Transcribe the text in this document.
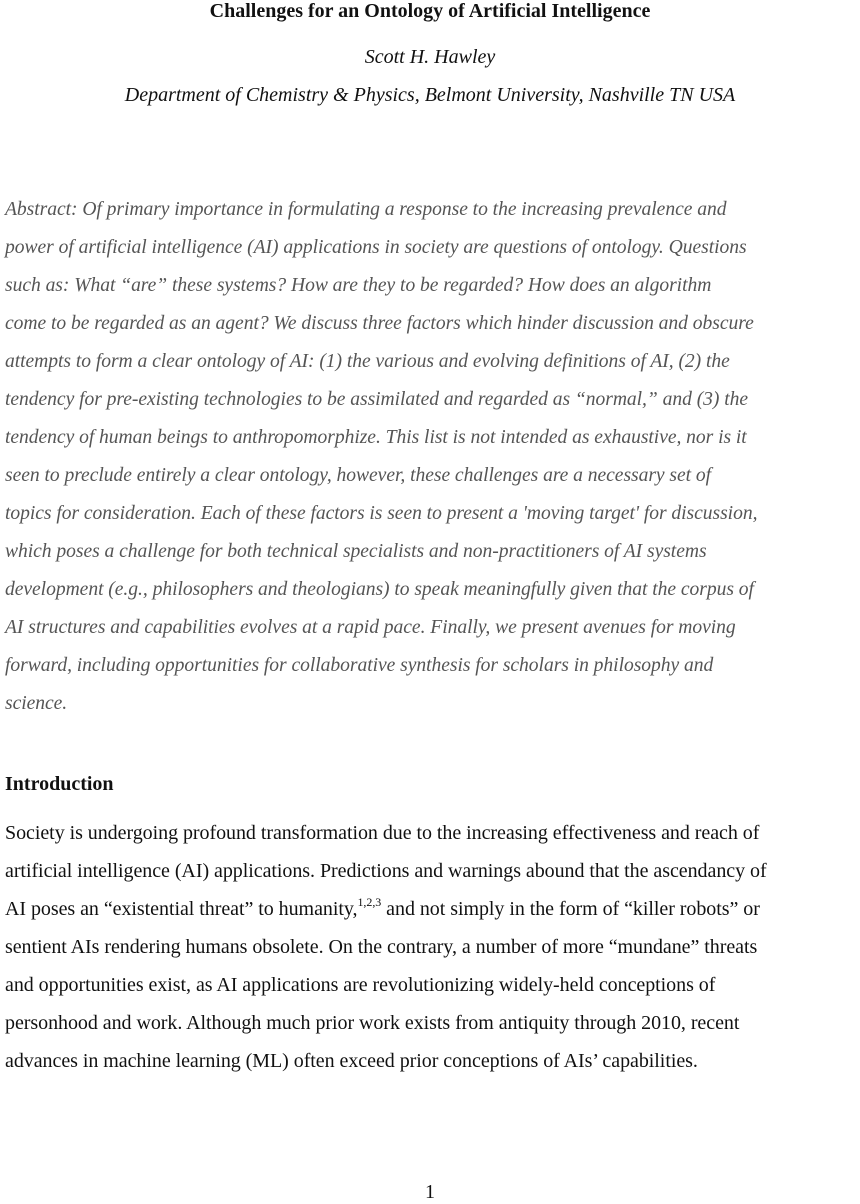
Challenges for an Ontology of Artificial Intelligence
Scott H. Hawley
Department of Chemistry & Physics, Belmont University, Nashville TN USA

Abstract: Of primary importance in formulating a response to the increasing prevalence and
power of artificial intelligence (AI) applications in society are questions of ontology. Questions
such as: What “are” these systems? How are they to be regarded? How does an algorithm
come to be regarded as an agent? We discuss three factors which hinder discussion and obscure
attempts to form a clear ontology of AI: (1) the various and evolving definitions of AI, (2) the
tendency for pre-existing technologies to be assimilated and regarded as “normal,” and (3) the
tendency of human beings to anthropomorphize. This list is not intended as exhaustive, nor is it
seen to preclude entirely a clear ontology, however, these challenges are a necessary set of
topics for consideration. Each of these factors is seen to present a 'moving target' for discussion,
which poses a challenge for both technical specialists and non-practitioners of AI systems
development (e.g., philosophers and theologians) to speak meaningfully given that the corpus of
AI structures and capabilities evolves at a rapid pace. Finally, we present avenues for moving
forward, including opportunities for collaborative synthesis for scholars in philosophy and
science.

Introduction

Society is undergoing profound transformation due to the increasing effectiveness and reach of
artificial intelligence (AI) applications. Predictions and warnings abound that the ascendancy of
AI poses an “existential threat” to humanity,$^{1,2,3}$ and not simply in the form of “killer robots” or
sentient AIs rendering humans obsolete. On the contrary, a number of more “mundane” threats
and opportunities exist, as AI applications are revolutionizing widely-held conceptions of
personhood and work. Although much prior work exists from antiquity through 2010, recent
advances in machine learning (ML) often exceed prior conceptions of AIs’ capabilities.

1
